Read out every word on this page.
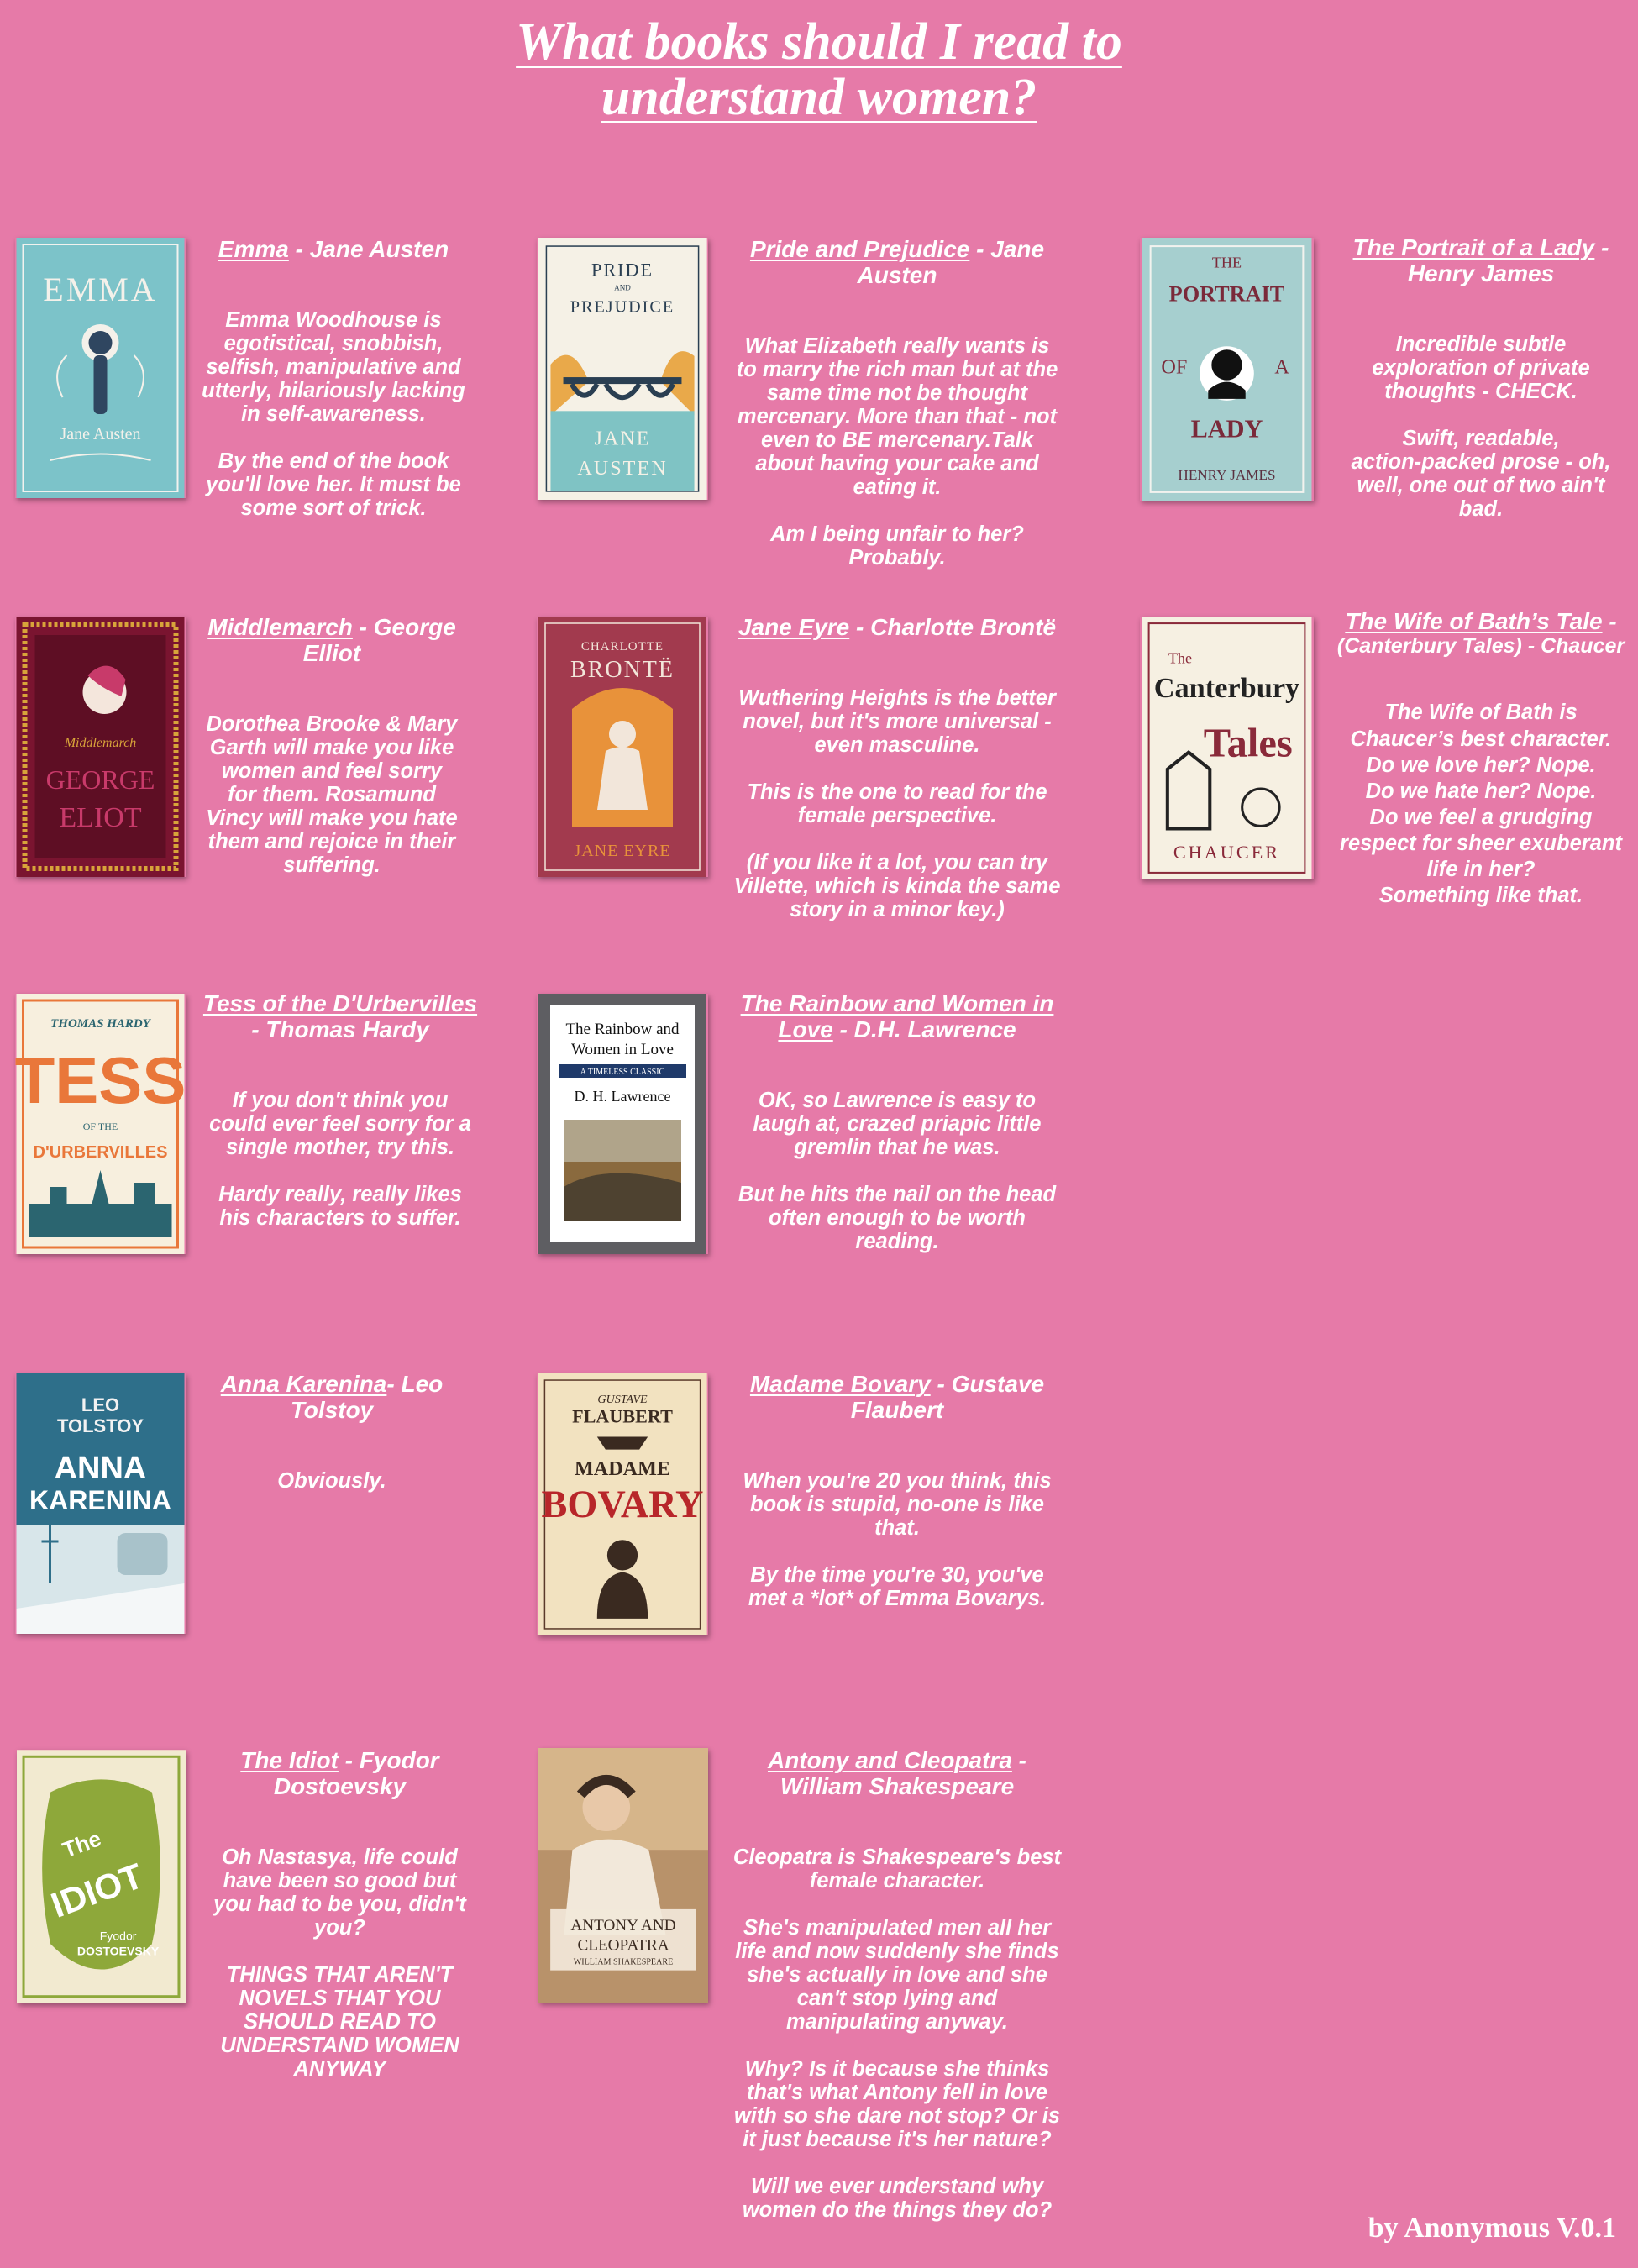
What books should I read to
understand women?
EMMA
Jane Austen

Emma - Jane Austen

Emma Woodhouse is
egotistical, snobbish,
selfish, manipulative and
utterly, hilariously lacking
in self-awareness.

By the end of the book
you'll love her. It must be
some sort of trick.

PRIDE
AND
PREJUDICE
JANE
AUSTEN

Pride and Prejudice - Jane
Austen

What Elizabeth really wants is
to marry the rich man but at the
same time not be thought
mercenary. More than that - not
even to BE mercenary.Talk
about having your cake and
eating it.

Am I being unfair to her?
Probably.

THE
PORTRAIT
OF	A
LADY
HENRY JAMES

The Portrait of a Lady -
Henry James

Incredible subtle
exploration of private
thoughts - CHECK.

Swift, readable,
action-packed prose - oh,
well, one out of two ain't
bad.

Middlemarch
GEORGE
ELIOT

Middlemarch - George
Elliot

Dorothea Brooke & Mary
Garth will make you like
women and feel sorry
for them. Rosamund
Vincy will make you hate
them and rejoice in their
suffering.

CHARLOTTE
BRONTË
JANE EYRE

Jane Eyre - Charlotte Brontë

Wuthering Heights is the better
novel, but it's more universal -
even masculine.

This is the one to read for the
female perspective.

(If you like it a lot, you can try
Villette, which is kinda the same
story in a minor key.)

The
Canterbury
Tales
CHAUCER

The Wife of Bath’s Tale -
(Canterbury Tales) - Chaucer

The Wife of Bath is
Chaucer’s best character.
Do we love her? Nope.
Do we hate her? Nope.
Do we feel a grudging
respect for sheer exuberant
life in her?
Something like that.

THOMAS HARDY
TESS
OF THE
D'URBERVILLES

Tess of the D'Urbervilles
- Thomas Hardy

If you don't think you
could ever feel sorry for a
single mother, try this.

Hardy really, really likes
his characters to suffer.

The Rainbow and
Women in Love
A TIMELESS CLASSIC
D. H. Lawrence

The Rainbow and Women in
Love - D.H. Lawrence

OK, so Lawrence is easy to
laugh at, crazed priapic little
gremlin that he was.

But he hits the nail on the head
often enough to be worth
reading.

LEO
TOLSTOY
ANNA
KARENINA

Anna Karenina- Leo
Tolstoy

Obviously.

GUSTAVE
FLAUBERT
MADAME
BOVARY

Madame Bovary - Gustave
Flaubert

When you're 20 you think, this
book is stupid, no-one is like
that.

By the time you're 30, you've
met a *lot* of Emma Bovarys.

The
IDIOT
Fyodor
DOSTOEVSKY

The Idiot - Fyodor
Dostoevsky

Oh Nastasya, life could
have been so good but
you had to be you, didn't
you?

THINGS THAT AREN'T
NOVELS THAT YOU
SHOULD READ TO
UNDERSTAND WOMEN
ANYWAY

ANTONY AND
CLEOPATRA
WILLIAM SHAKESPEARE

Antony and Cleopatra -
William Shakespeare

Cleopatra is Shakespeare's best
female character.

She's manipulated men all her
life and now suddenly she finds
she's actually in love and she
can't stop lying and
manipulating anyway.

Why? Is it because she thinks
that's what Antony fell in love
with so she dare not stop? Or is
it just because it's her nature?

Will we ever understand why
women do the things they do?

by Anonymous V.0.1
